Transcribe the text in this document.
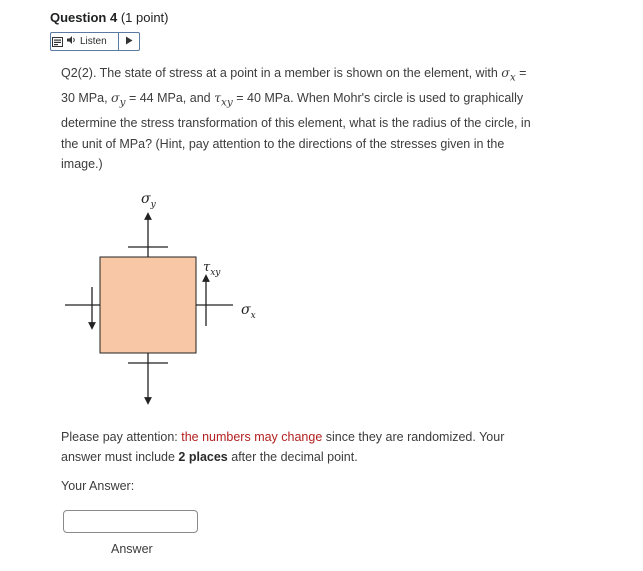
Question 4 (1 point)
Listen
Q2(2). The state of stress at a point in a member is shown on the element, with $\sigma_x$ =
30 MPa, $\sigma_y = 44$ MPa, and $\tau_{xy} = 40$ MPa. When Mohr's circle is used to graphically
determine the stress transformation of this element, what is the radius of the circle, in the unit of MPa? (Hint, pay attention to the directions of the stresses given in the image.)
$\sigma_y$
$\tau_{xy}$
$\sigma_x$
Please pay attention: the numbers may change since they are randomized. Your answer must include 2 places after the decimal point.
Your Answer:
Answer
